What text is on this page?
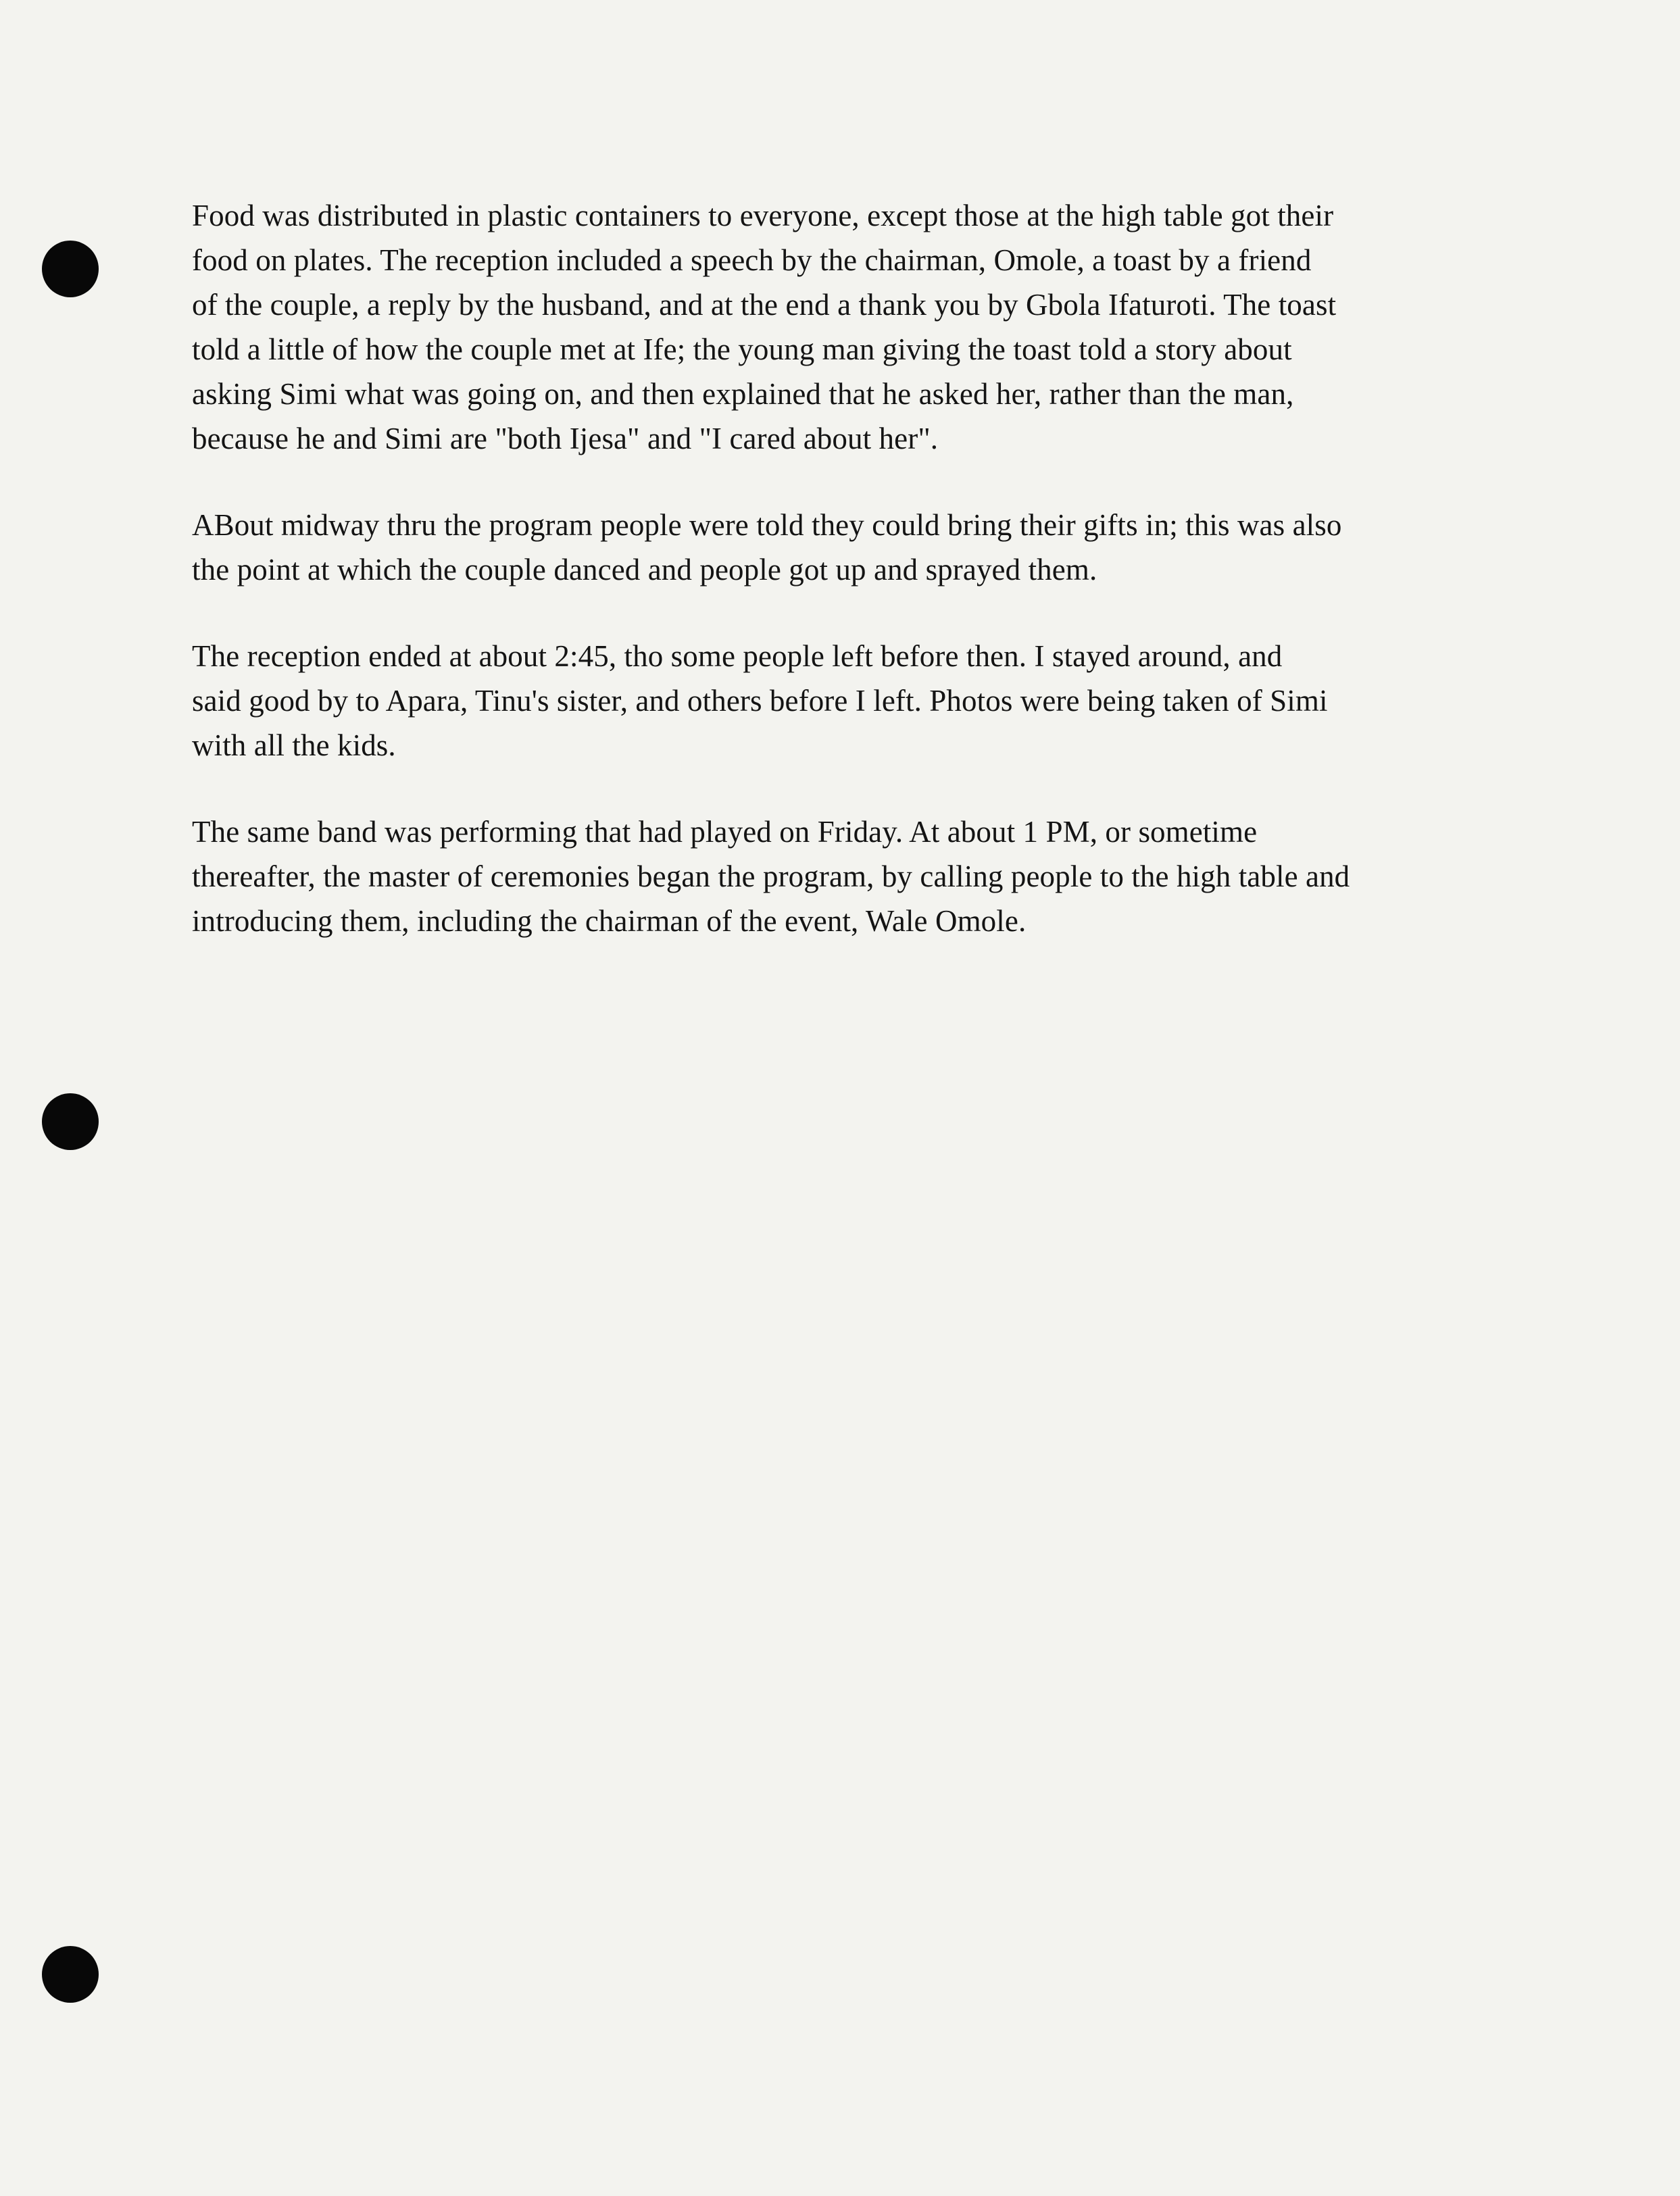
Food was distributed in plastic containers to everyone, except those at the high table got their
food on plates. The reception included a speech by the chairman, Omole, a toast by a friend
of the couple, a reply by the husband, and at the end a thank you by Gbola Ifaturoti. The toast
told a little of how the couple met at Ife; the young man giving the toast told a story about
asking Simi what was going on, and then explained that he asked her, rather than the man,
because he and Simi are "both Ijesa" and "I cared about her".

ABout midway thru the program people were told they could bring their gifts in; this was also
the point at which the couple danced and people got up and sprayed them.

The reception ended at about 2:45, tho some people left before then. I stayed around, and
said good by to Apara, Tinu's sister, and others before I left. Photos were being taken of Simi
with all the kids.

The same band was performing that had played on Friday. At about 1 PM, or sometime
thereafter, the master of ceremonies began the program, by calling people to the high table and
introducing them, including the chairman of the event, Wale Omole.
